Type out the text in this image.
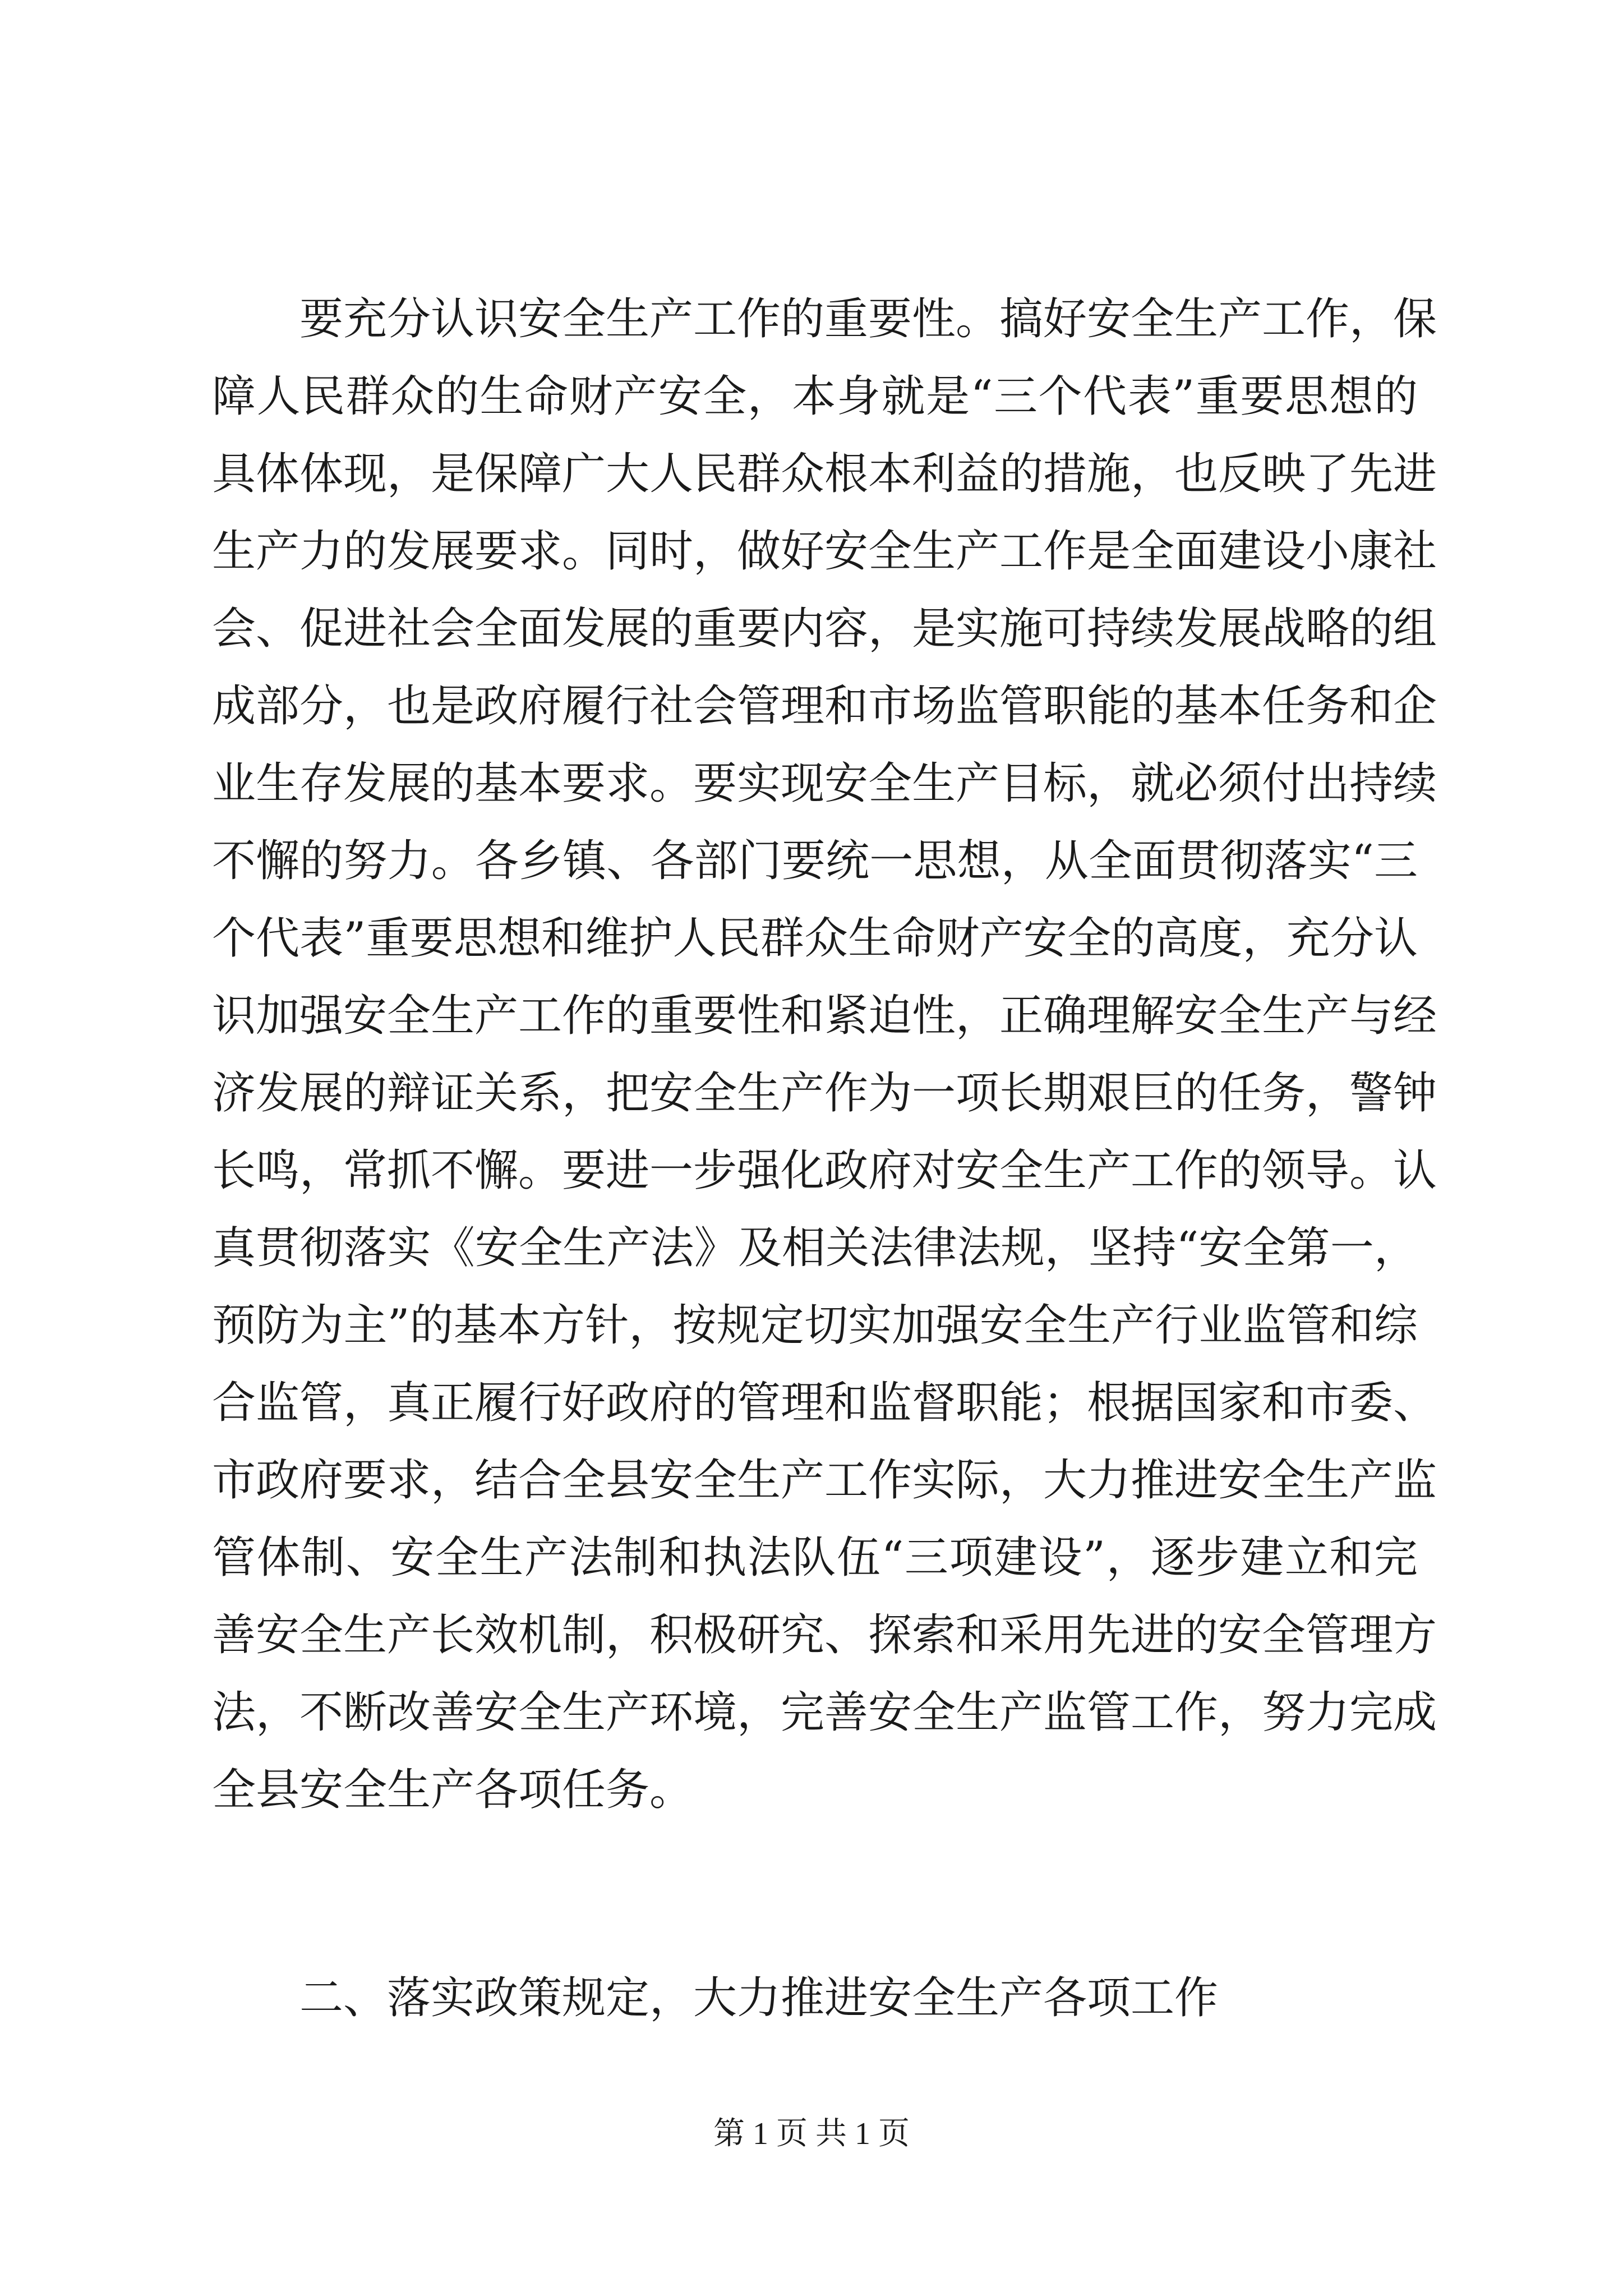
要充分认识安全生产工作的重要性。搞好安全生产工作，保
障人民群众的生命财产安全，本身就是“三个代表”重要思想的
具体体现，是保障广大人民群众根本利益的措施，也反映了先进
生产力的发展要求。同时，做好安全生产工作是全面建设小康社
会、促进社会全面发展的重要内容，是实施可持续发展战略的组
成部分，也是政府履行社会管理和市场监管职能的基本任务和企
业生存发展的基本要求。要实现安全生产目标，就必须付出持续
不懈的努力。各乡镇、各部门要统一思想，从全面贯彻落实“三
个代表”重要思想和维护人民群众生命财产安全的高度，充分认
识加强安全生产工作的重要性和紧迫性，正确理解安全生产与经
济发展的辩证关系，把安全生产作为一项长期艰巨的任务，警钟
长鸣，常抓不懈。要进一步强化政府对安全生产工作的领导。认
真贯彻落实《安全生产法》及相关法律法规，坚持“安全第一，
预防为主”的基本方针，按规定切实加强安全生产行业监管和综
合监管，真正履行好政府的管理和监督职能；根据国家和市委、
市政府要求，结合全县安全生产工作实际，大力推进安全生产监
管体制、安全生产法制和执法队伍“三项建设”，逐步建立和完
善安全生产长效机制，积极研究、探索和采用先进的安全管理方
法，不断改善安全生产环境，完善安全生产监管工作，努力完成
全县安全生产各项任务。
二、落实政策规定，大力推进安全生产各项工作
第 1 页 共 1 页
